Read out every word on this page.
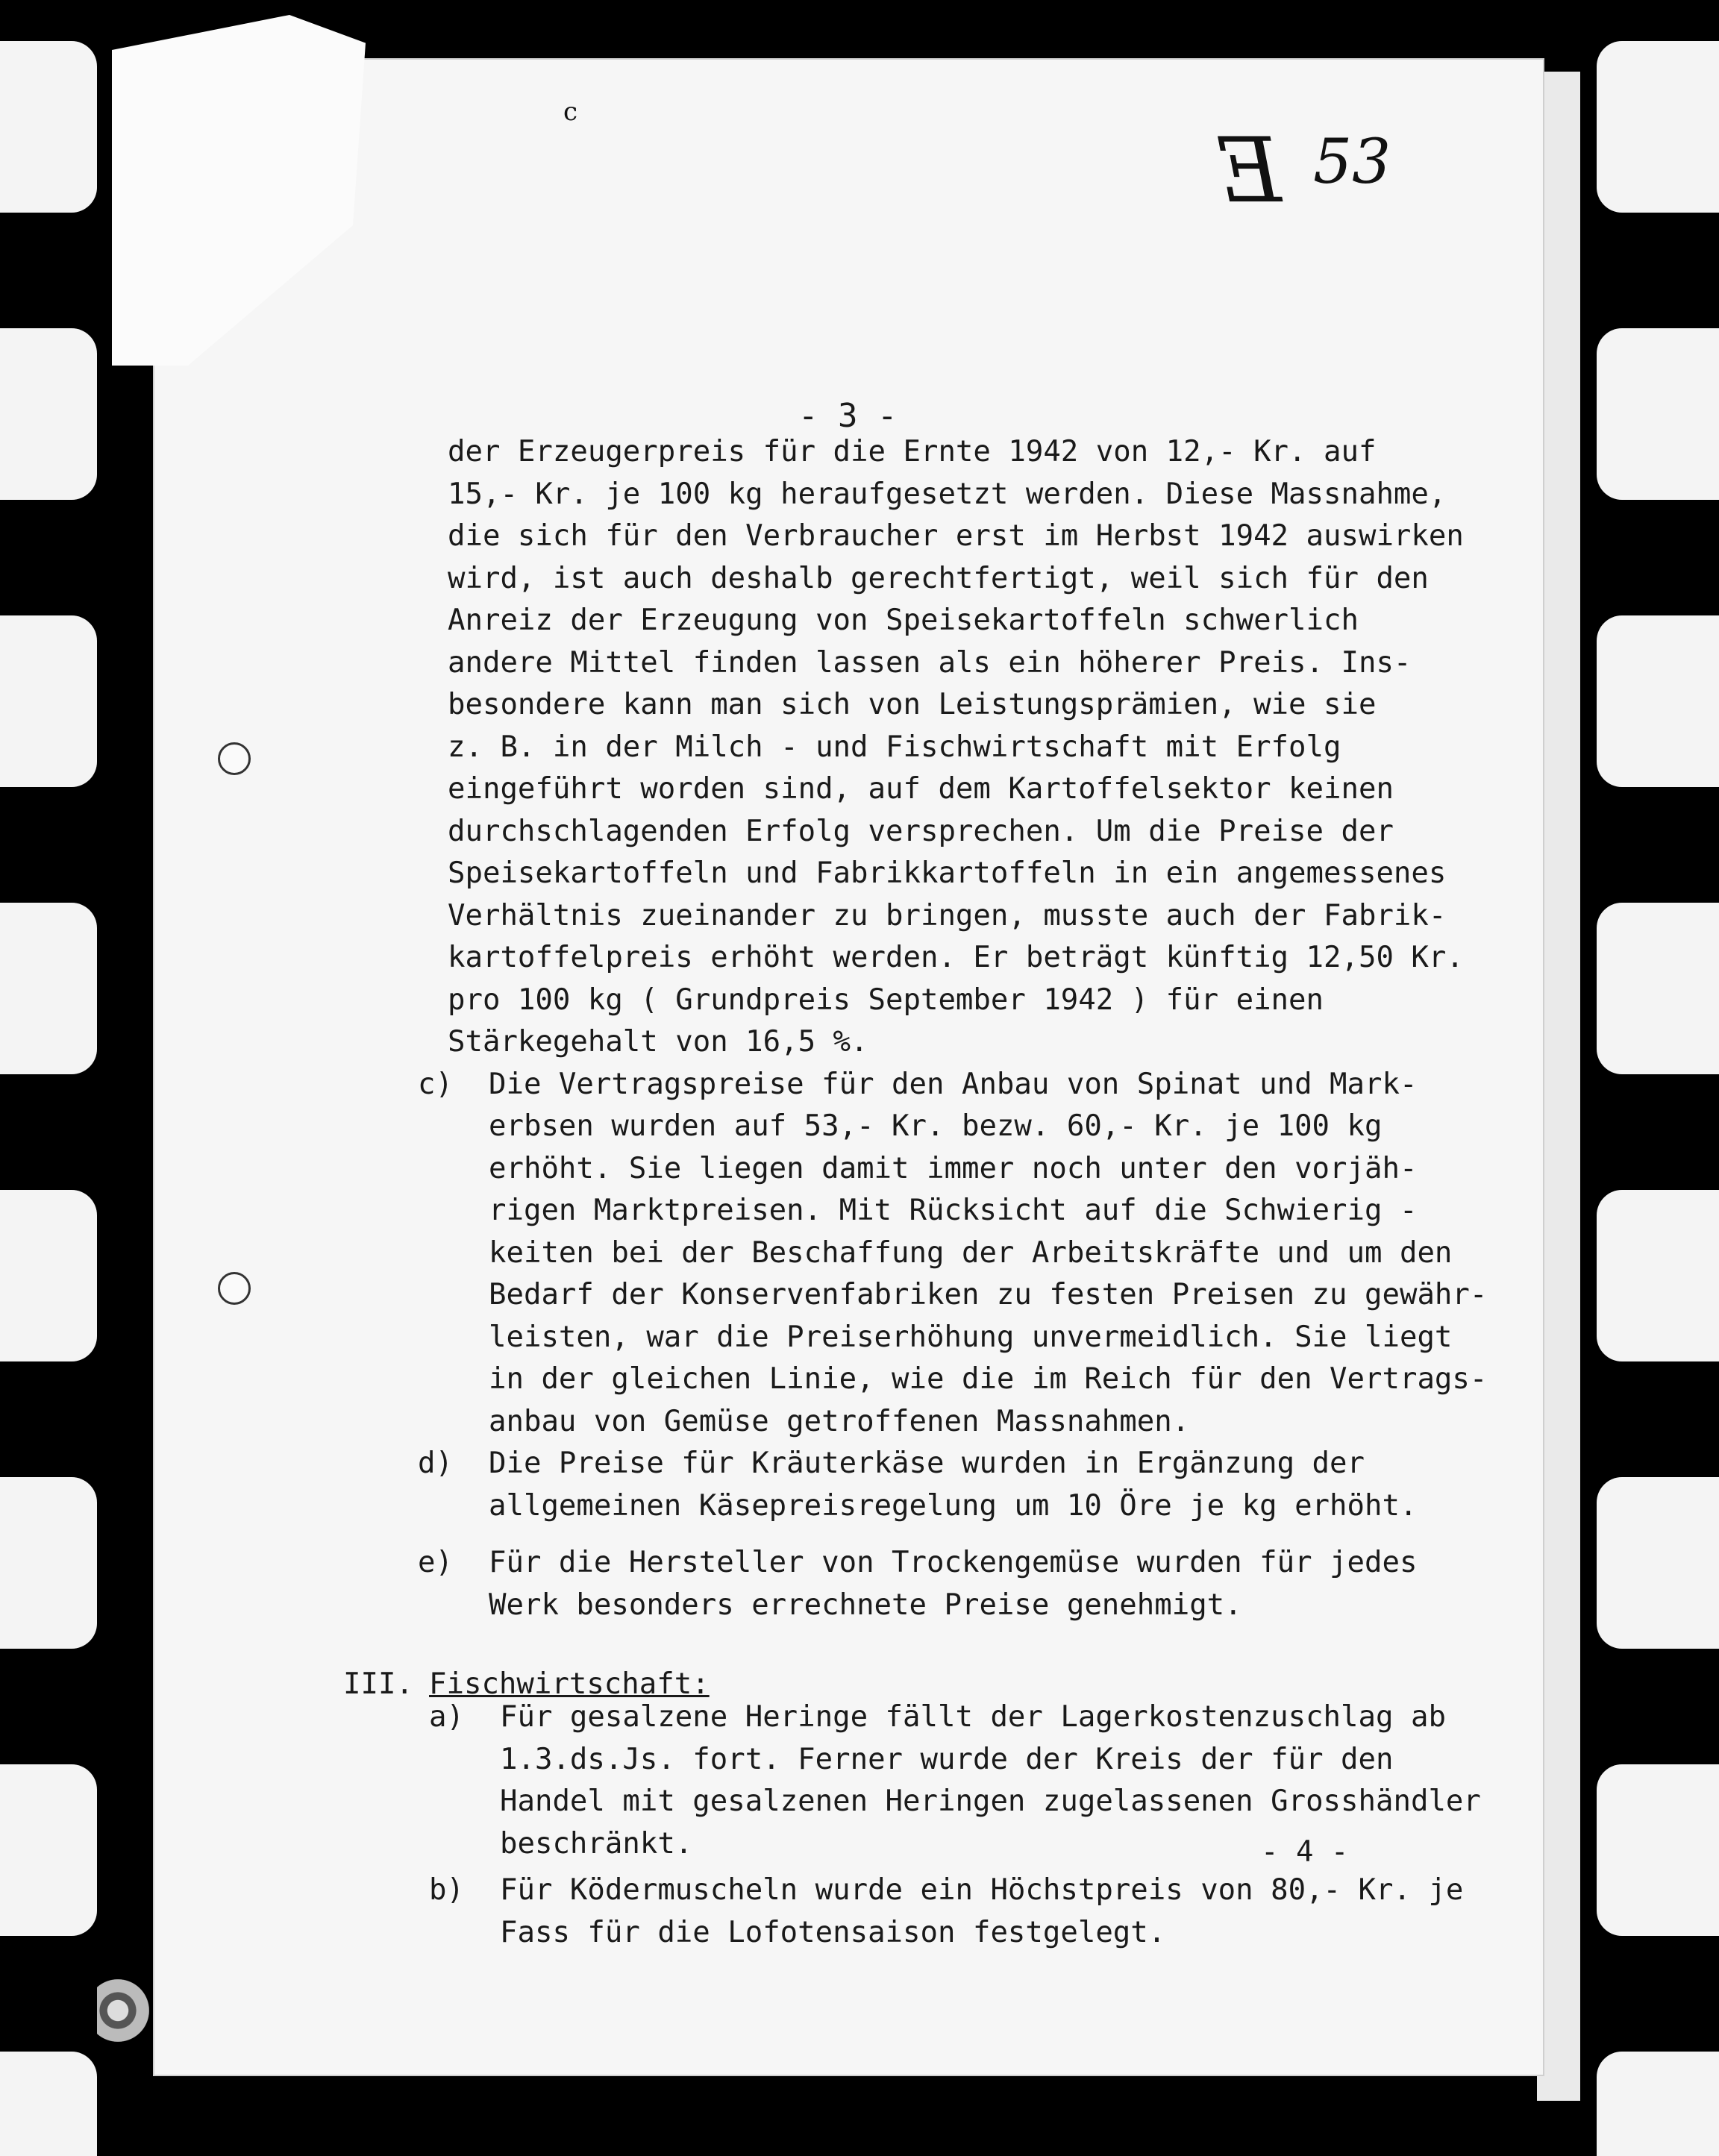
E 53
c
- 3 -
der Erzeugerpreis für die Ernte 1942 von 12,- Kr. auf
15,- Kr. je 100 kg heraufgesetzt werden. Diese Massnahme,
die sich für den Verbraucher erst im Herbst 1942 auswirken
wird, ist auch deshalb gerechtfertigt, weil sich für den
Anreiz der Erzeugung von Speisekartoffeln schwerlich
andere Mittel finden lassen als ein höherer Preis. Ins-
besondere kann man sich von Leistungsprämien, wie sie
z. B. in der Milch - und Fischwirtschaft mit Erfolg
eingeführt worden sind, auf dem Kartoffelsektor keinen
durchschlagenden Erfolg versprechen. Um die Preise der
Speisekartoffeln und Fabrikkartoffeln in ein angemessenes
Verhältnis zueinander zu bringen, musste auch der Fabrik-
kartoffelpreis erhöht werden. Er beträgt künftig 12,50 Kr.
pro 100 kg ( Grundpreis September 1942 ) für einen
Stärkegehalt von 16,5 %.
c) Die Vertragspreise für den Anbau von Spinat und Mark-
erbsen wurden auf 53,- Kr. bezw. 60,- Kr. je 100 kg
erhöht. Sie liegen damit immer noch unter den vorjäh-
rigen Marktpreisen. Mit Rücksicht auf die Schwierig -
keiten bei der Beschaffung der Arbeitskräfte und um den
Bedarf der Konservenfabriken zu festen Preisen zu gewähr-
leisten, war die Preiserhöhung unvermeidlich. Sie liegt
in der gleichen Linie, wie die im Reich für den Vertrags-
anbau von Gemüse getroffenen Massnahmen.
d) Die Preise für Kräuterkäse wurden in Ergänzung der
allgemeinen Käsepreisregelung um 10 Öre je kg erhöht.
e) Für die Hersteller von Trockengemüse wurden für jedes
Werk besonders errechnete Preise genehmigt.
III. Fischwirtschaft:
a) Für gesalzene Heringe fällt der Lagerkostenzuschlag ab
1.3.ds.Js. fort. Ferner wurde der Kreis der für den
Handel mit gesalzenen Heringen zugelassenen Grosshändler
beschränkt.
b) Für Ködermuscheln wurde ein Höchstpreis von 80,- Kr. je
Fass für die Lofotensaison festgelegt.
- 4 -
